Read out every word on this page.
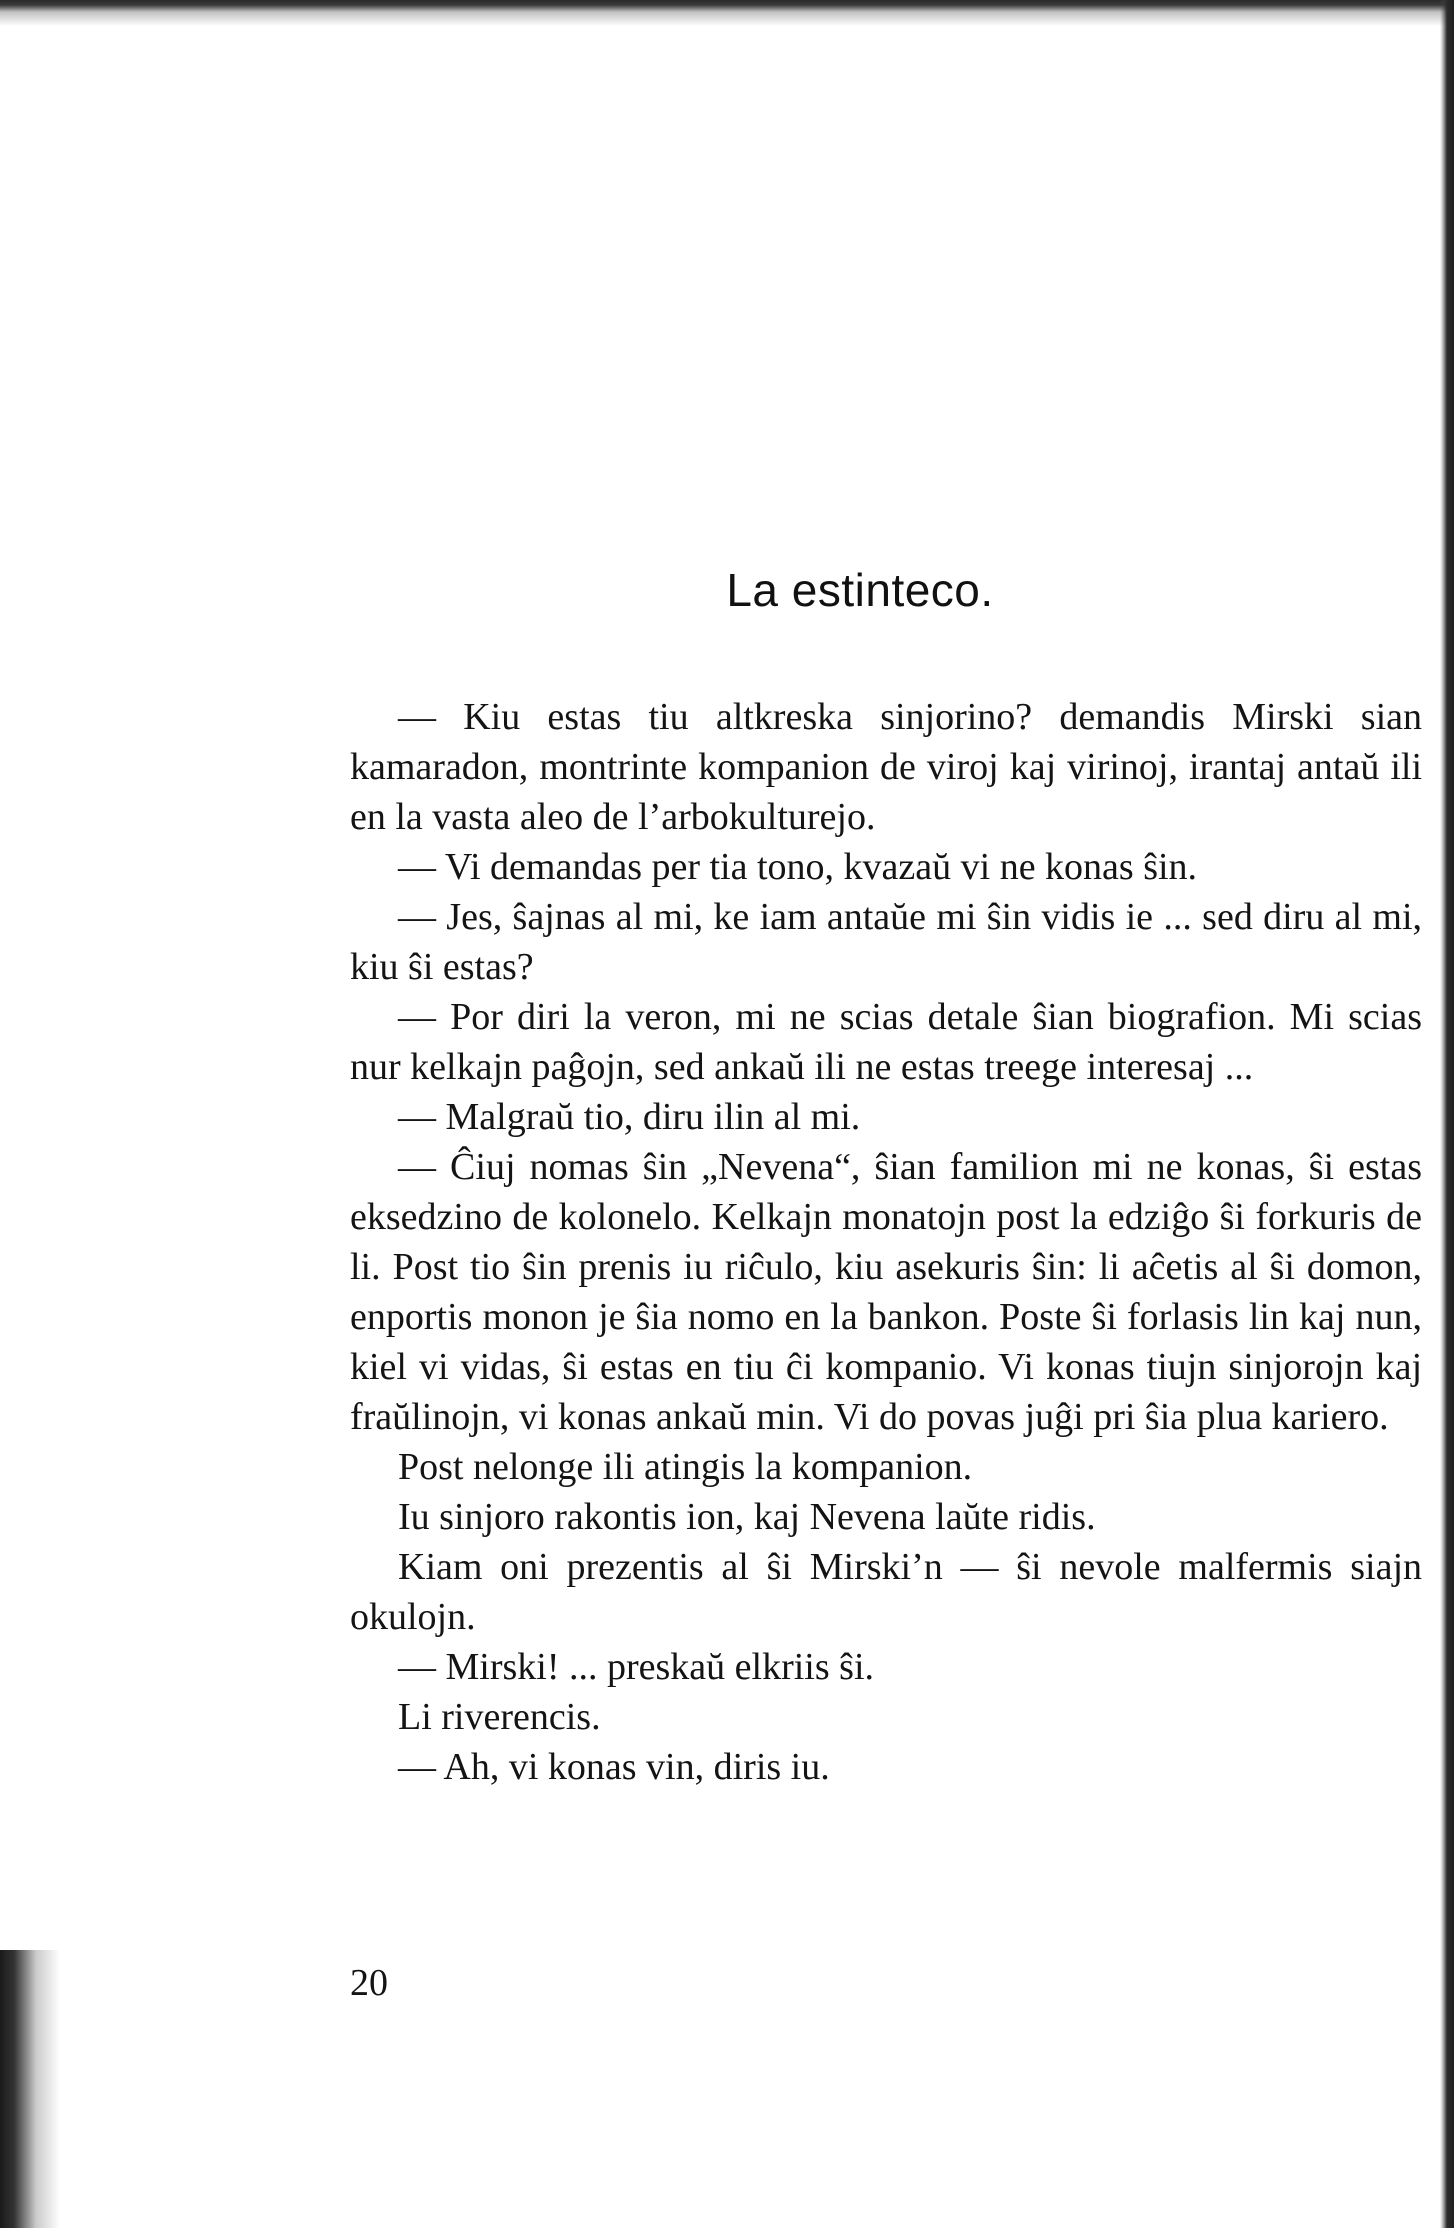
La estinteco.

— Kiu estas tiu altkreska sinjorino? demandis Mirski sian kamaradon, montrinte kompanion de viroj kaj virinoj, irantaj antaŭ ili en la vasta aleo de l’arbokulturejo.

— Vi demandas per tia tono, kvazaŭ vi ne konas ŝin.

— Jes, ŝajnas al mi, ke iam antaŭe mi ŝin vidis ie ... sed diru al mi, kiu ŝi estas?

— Por diri la veron, mi ne scias detale ŝian biografion. Mi scias nur kelkajn paĝojn, sed ankaŭ ili ne estas treege interesaj ...

— Malgraŭ tio, diru ilin al mi.

— Ĉiuj nomas ŝin „Nevena“, ŝian familion mi ne konas, ŝi estas eksedzino de kolonelo. Kelkajn monatojn post la edziĝo ŝi forkuris de li. Post tio ŝin prenis iu riĉulo, kiu asekuris ŝin: li aĉetis al ŝi domon, enportis monon je ŝia nomo en la bankon. Poste ŝi forlasis lin kaj nun, kiel vi vidas, ŝi estas en tiu ĉi kompanio. Vi konas tiujn sinjorojn kaj fraŭlinojn, vi konas ankaŭ min. Vi do povas juĝi pri ŝia plua kariero.

Post nelonge ili atingis la kompanion.

Iu sinjoro rakontis ion, kaj Nevena laŭte ridis.

Kiam oni prezentis al ŝi Mirski’n — ŝi nevole malfermis siajn okulojn.

— Mirski! ... preskaŭ elkriis ŝi.

Li riverencis.

— Ah, vi konas vin, diris iu.

20
